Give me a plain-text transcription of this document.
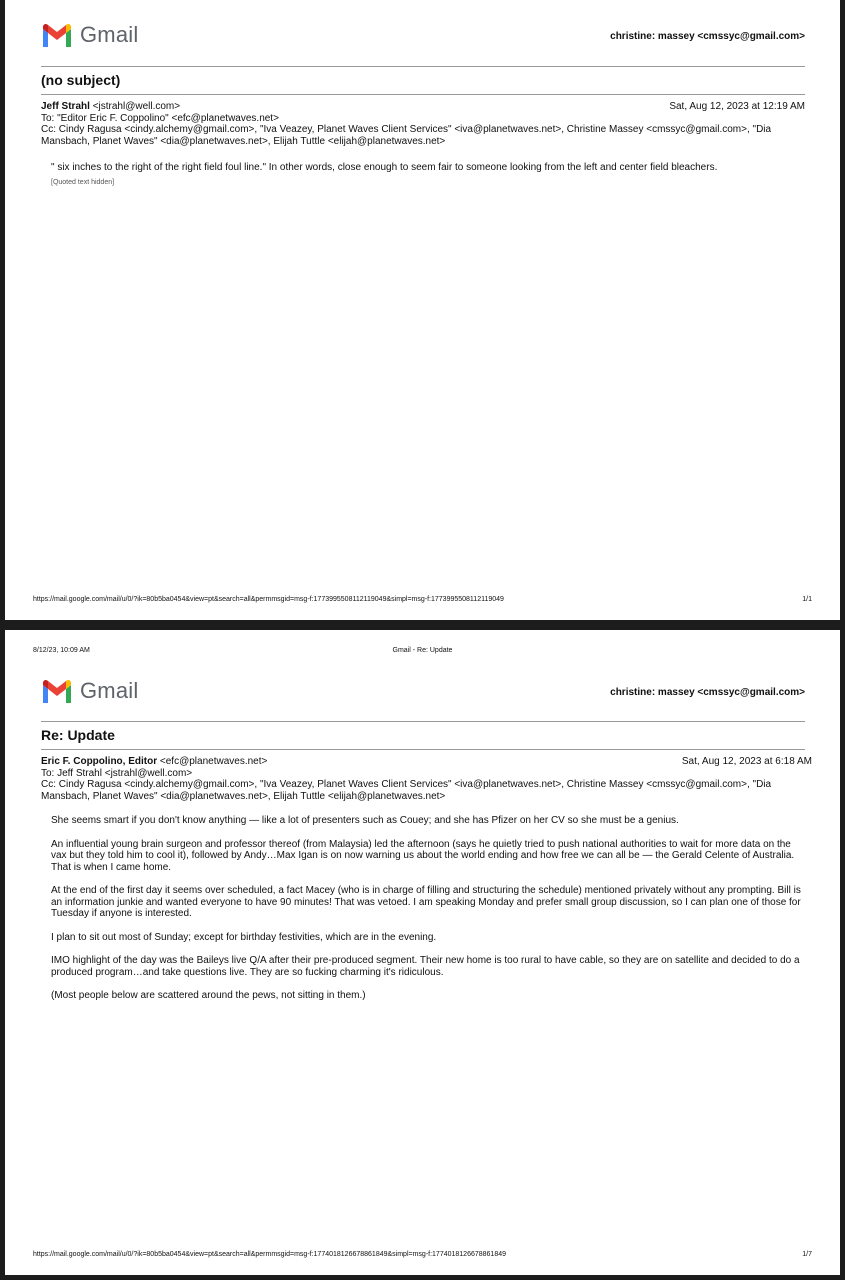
Gmail	christine: massey <cmssyc@gmail.com>
(no subject)
Jeff Strahl <jstrahl@well.com>	Sat, Aug 12, 2023 at 12:19 AM
To: "Editor Eric F. Coppolino" <efc@planetwaves.net>
Cc: Cindy Ragusa <cindy.alchemy@gmail.com>, "Iva Veazey, Planet Waves Client Services" <iva@planetwaves.net>, Christine Massey <cmssyc@gmail.com>, "Dia Mansbach, Planet Waves" <dia@planetwaves.net>, Elijah Tuttle <elijah@planetwaves.net>
" six inches to the right of the right field foul line." In other words, close enough to seem fair to someone looking from the left and center field bleachers.
[Quoted text hidden]
https://mail.google.com/mail/u/0/?ik=80b5ba0454&view=pt&search=all&permmsgid=msg-f:1773995508112119049&simpl=msg-f:1773995508112119049	1/1
8/12/23, 10:09 AM	Gmail - Re: Update
Gmail	christine: massey <cmssyc@gmail.com>
Re: Update
Eric F. Coppolino, Editor <efc@planetwaves.net>	Sat, Aug 12, 2023 at 6:18 AM
To: Jeff Strahl <jstrahl@well.com>
Cc: Cindy Ragusa <cindy.alchemy@gmail.com>, "Iva Veazey, Planet Waves Client Services" <iva@planetwaves.net>, Christine Massey <cmssyc@gmail.com>, "Dia Mansbach, Planet Waves" <dia@planetwaves.net>, Elijah Tuttle <elijah@planetwaves.net>

She seems smart if you don't know anything — like a lot of presenters such as Couey; and she has Pfizer on her CV so she must be a genius.

An influential young brain surgeon and professor thereof (from Malaysia) led the afternoon (says he quietly tried to push national authorities to wait for more data on the vax but they told him to cool it), followed by Andy…Max Igan is on now warning us about the world ending and how free we can all be — the Gerald Celente of Australia. That is when I came home.

At the end of the first day it seems over scheduled, a fact Macey (who is in charge of filling and structuring the schedule) mentioned privately without any prompting. Bill is an information junkie and wanted everyone to have 90 minutes! That was vetoed. I am speaking Monday and prefer small group discussion, so I can plan one of those for Tuesday if anyone is interested.

I plan to sit out most of Sunday; except for birthday festivities, which are in the evening.

IMO highlight of the day was the Baileys live Q/A after their pre-produced segment. Their new home is too rural to have cable, so they are on satellite and decided to do a produced program…and take questions live. They are so fucking charming it's ridiculous.

(Most people below are scattered around the pews, not sitting in them.)

https://mail.google.com/mail/u/0/?ik=80b5ba0454&view=pt&search=all&permmsgid=msg-f:1774018126678861849&simpl=msg-f:1774018126678861849	1/7
